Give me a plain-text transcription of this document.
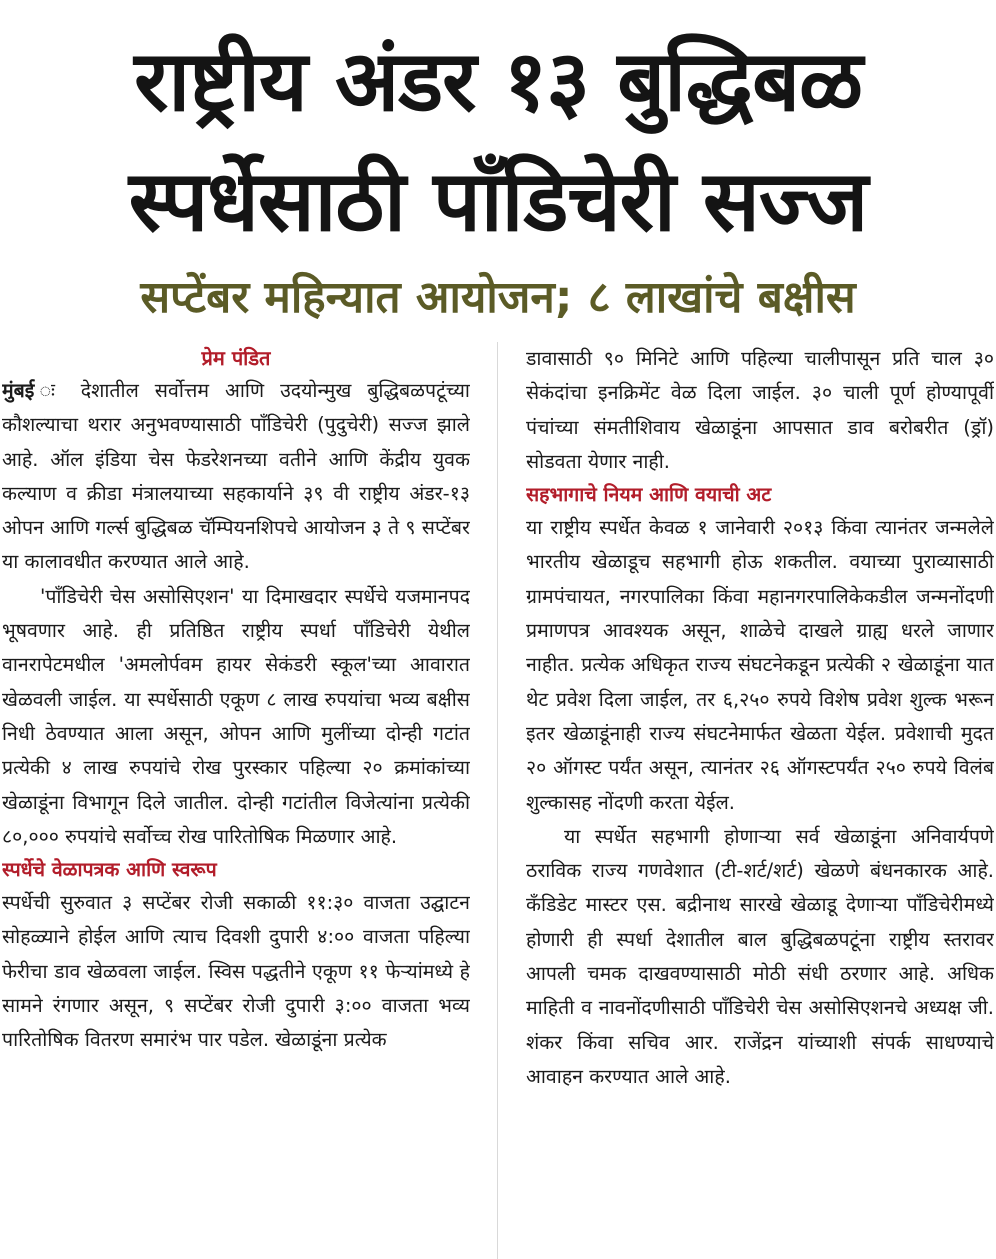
राष्ट्रीय अंडर १३ बुद्धिबळ
स्पर्धेसाठी पॉंडिचेरी सज्ज
सप्टेंबर महिन्यात आयोजन; ८ लाखांचे बक्षीस
प्रेम पंडित

मुंबई ः देशातील सर्वोत्तम आणि उदयोन्मुख बुद्धिबळपटूंच्या कौशल्याचा थरार अनुभवण्यासाठी पॉंडिचेरी (पुदुचेरी) सज्ज झाले आहे. ऑल इंडिया चेस फेडरेशनच्या वतीने आणि केंद्रीय युवक कल्याण व क्रीडा मंत्रालयाच्या सहकार्याने ३९ वी राष्ट्रीय अंडर-१३ ओपन आणि गर्ल्स बुद्धिबळ चॅम्पियनशिपचे आयोजन ३ ते ९ सप्टेंबर या कालावधीत करण्यात आले आहे.

'पॉंडिचेरी चेस असोसिएशन' या दिमाखदार स्पर्धेचे यजमानपद भूषवणार आहे. ही प्रतिष्ठित राष्ट्रीय स्पर्धा पॉंडिचेरी येथील वानरापेटमधील 'अमलोर्पवम हायर सेकंडरी स्कूल'च्या आवारात खेळवली जाईल. या स्पर्धेसाठी एकूण ८ लाख रुपयांचा भव्य बक्षीस निधी ठेवण्यात आला असून, ओपन आणि मुलींच्या दोन्ही गटांत प्रत्येकी ४ लाख रुपयांचे रोख पुरस्कार पहिल्या २० क्रमांकांच्या खेळाडूंना विभागून दिले जातील. दोन्ही गटांतील विजेत्यांना प्रत्येकी ८०,००० रुपयांचे सर्वोच्च रोख पारितोषिक मिळणार आहे.

स्पर्धेचे वेळापत्रक आणि स्वरूप

स्पर्धेची सुरुवात ३ सप्टेंबर रोजी सकाळी ११:३० वाजता उद्घाटन सोहळ्याने होईल आणि त्याच दिवशी दुपारी ४:०० वाजता पहिल्या फेरीचा डाव खेळवला जाईल. स्विस पद्धतीने एकूण ११ फेऱ्यांमध्ये हे सामने रंगणार असून, ९ सप्टेंबर रोजी दुपारी ३:०० वाजता भव्य पारितोषिक वितरण समारंभ पार पडेल. खेळाडूंना प्रत्येक

डावासाठी ९० मिनिटे आणि पहिल्या चालीपासून प्रति चाल ३० सेकंदांचा इनक्रिमेंट वेळ दिला जाईल. ३० चाली पूर्ण होण्यापूर्वी पंचांच्या संमतीशिवाय खेळाडूंना आपसात डाव बरोबरीत (ड्रॉ) सोडवता येणार नाही.

सहभागाचे नियम आणि वयाची अट

या राष्ट्रीय स्पर्धेत केवळ १ जानेवारी २०१३ किंवा त्यानंतर जन्मलेले भारतीय खेळाडूच सहभागी होऊ शकतील. वयाच्या पुराव्यासाठी ग्रामपंचायत, नगरपालिका किंवा महानगरपालिकेकडील जन्मनोंदणी प्रमाणपत्र आवश्यक असून, शाळेचे दाखले ग्राह्य धरले जाणार नाहीत. प्रत्येक अधिकृत राज्य संघटनेकडून प्रत्येकी २ खेळाडूंना यात थेट प्रवेश दिला जाईल, तर ६,२५० रुपये विशेष प्रवेश शुल्क भरून इतर खेळाडूंनाही राज्य संघटनेमार्फत खेळता येईल. प्रवेशाची मुदत २० ऑगस्ट पर्यंत असून, त्यानंतर २६ ऑगस्टपर्यंत २५० रुपये विलंब शुल्कासह नोंदणी करता येईल.

या स्पर्धेत सहभागी होणाऱ्या सर्व खेळाडूंना अनिवार्यपणे ठराविक राज्य गणवेशात (टी-शर्ट/शर्ट) खेळणे बंधनकारक आहे. कॅंडिडेट मास्टर एस. बद्रीनाथ सारखे खेळाडू देणाऱ्या पॉंडिचेरीमध्ये होणारी ही स्पर्धा देशातील बाल बुद्धिबळपटूंना राष्ट्रीय स्तरावर आपली चमक दाखवण्यासाठी मोठी संधी ठरणार आहे. अधिक माहिती व नावनोंदणीसाठी पॉंडिचेरी चेस असोसिएशनचे अध्यक्ष जी. शंकर किंवा सचिव आर. राजेंद्रन यांच्याशी संपर्क साधण्याचे आवाहन करण्यात आले आहे.
